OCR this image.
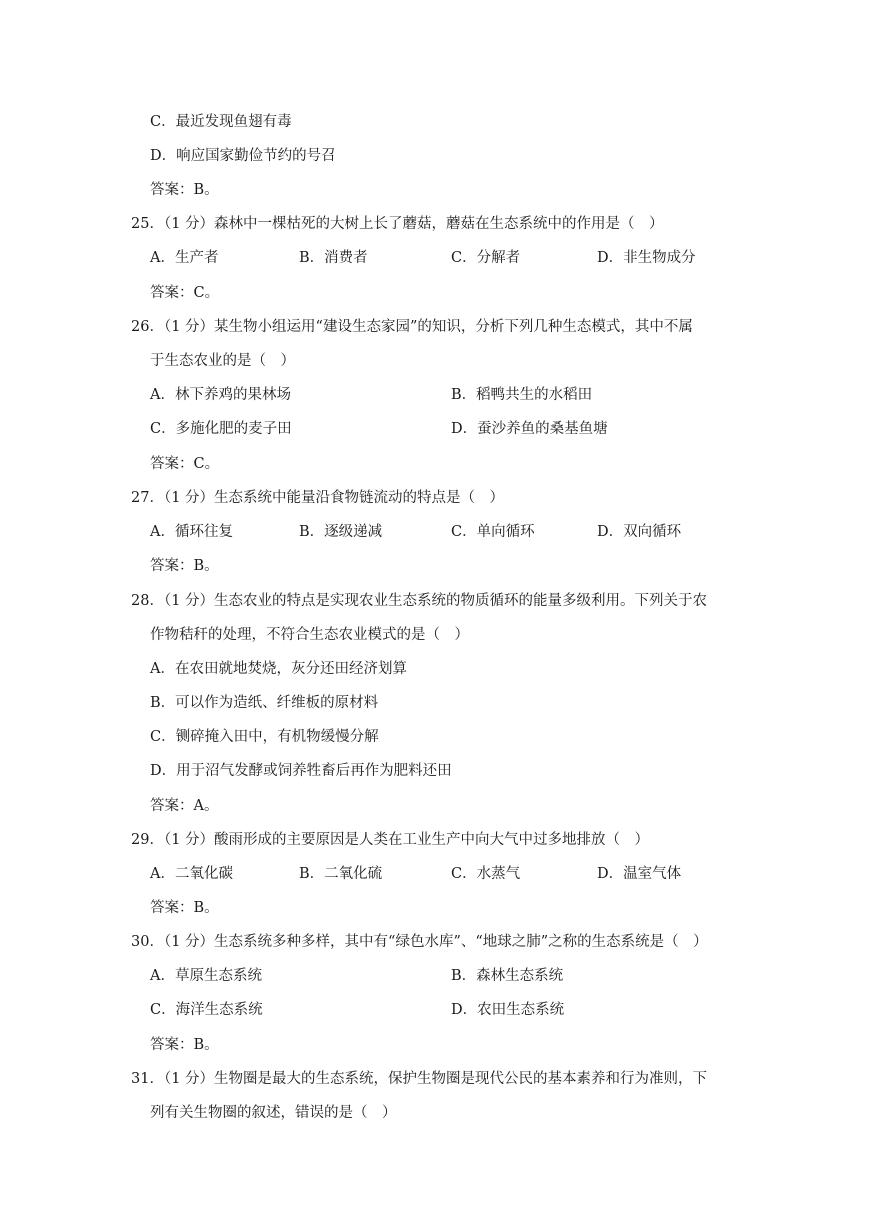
C．最近发现鱼翅有毒
D．响应国家勤俭节约的号召
答案：B。
25．（1 分）森林中一棵枯死的大树上长了蘑菇，蘑菇在生态系统中的作用是（　）
A．生产者	B．消费者	C．分解者	D．非生物成分
答案：C。
26．（1 分）某生物小组运用“建设生态家园”的知识，分析下列几种生态模式，其中不属
于生态农业的是（　）
A．林下养鸡的果林场	B．稻鸭共生的水稻田
C．多施化肥的麦子田	D．蚕沙养鱼的桑基鱼塘
答案：C。
27．（1 分）生态系统中能量沿食物链流动的特点是（　）
A．循环往复	B．逐级递减	C．单向循环	D．双向循环
答案：B。
28．（1 分）生态农业的特点是实现农业生态系统的物质循环的能量多级利用。下列关于农
作物秸秆的处理，不符合生态农业模式的是（　）
A．在农田就地焚烧，灰分还田经济划算
B．可以作为造纸、纤维板的原材料
C．铡碎掩入田中，有机物缓慢分解
D．用于沼气发酵或饲养牲畜后再作为肥料还田
答案：A。
29．（1 分）酸雨形成的主要原因是人类在工业生产中向大气中过多地排放（　）
A．二氧化碳	B．二氧化硫	C．水蒸气	D．温室气体
答案：B。
30．（1 分）生态系统多种多样，其中有“绿色水库”、“地球之肺”之称的生态系统是（　）
A．草原生态系统	B．森林生态系统
C．海洋生态系统	D．农田生态系统
答案：B。
31．（1 分）生物圈是最大的生态系统，保护生物圈是现代公民的基本素养和行为准则，下
列有关生物圈的叙述，错误的是（　）
